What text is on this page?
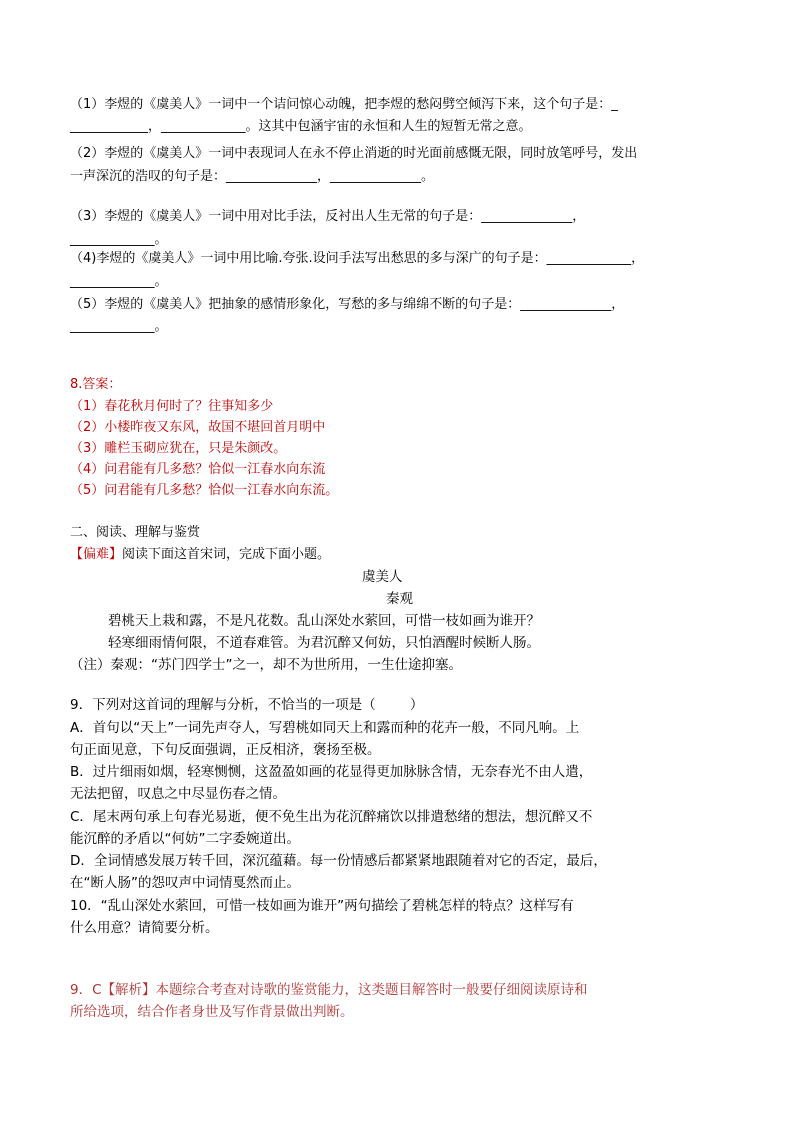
（1）李煜的《虞美人》一词中一个诘问惊心动魄，把李煜的愁闷劈空倾泻下来，这个句子是：_
____________，_____________。这其中包涵宇宙的永恒和人生的短暂无常之意。
（2）李煜的《虞美人》一词中表现词人在永不停止消逝的时光面前感慨无限，同时放笔呼号，发出
一声深沉的浩叹的句子是：______________，______________。
（3）李煜的《虞美人》一词中用对比手法，反衬出人生无常的句子是：______________，
_____________。
（4)李煜的《虞美人》一词中用比喻.夸张.设问手法写出愁思的多与深广的句子是：_____________，
_____________。
（5）李煜的《虞美人》把抽象的感情形象化，写愁的多与绵绵不断的句子是：______________，
_____________。
8.答案：
（1）春花秋月何时了？往事知多少
（2）小楼昨夜又东风，故国不堪回首月明中
（3）雕栏玉砌应犹在，只是朱颜改。
（4）问君能有几多愁？恰似一江春水向东流
（5）问君能有几多愁？恰似一江春水向东流。
二、阅读、理解与鉴赏
【偏难】阅读下面这首宋词，完成下面小题。
虞美人
秦观
碧桃天上栽和露，不是凡花数。乱山深处水萦回，可惜一枝如画为谁开？
轻寒细雨情何限，不道春难管。为君沉醉又何妨，只怕酒醒时候断人肠。
（注）秦观：“苏门四学士”之一，却不为世所用，一生仕途抑塞。
9．下列对这首词的理解与分析，不恰当的一项是（        ）
A．首句以“天上”一词先声夺人，写碧桃如同天上和露而种的花卉一般，不同凡响。上
句正面见意，下句反面强调，正反相济，褒扬至极。
B．过片细雨如烟，轻寒恻恻，这盈盈如画的花显得更加脉脉含情，无奈春光不由人遣，
无法把留，叹息之中尽显伤春之情。
C．尾末两句承上句春光易逝，便不免生出为花沉醉痛饮以排遣愁绪的想法，想沉醉又不
能沉醉的矛盾以“何妨”二字委婉道出。
D．全词情感发展万转千回，深沉蕴藉。每一份情感后都紧紧地跟随着对它的否定，最后，
在“断人肠”的怨叹声中词情戛然而止。
10．“乱山深处水萦回，可惜一枝如画为谁开”两句描绘了碧桃怎样的特点？这样写有
什么用意？请简要分析。
9．C【解析】本题综合考查对诗歌的鉴赏能力，这类题目解答时一般要仔细阅读原诗和
所给选项，结合作者身世及写作背景做出判断。
